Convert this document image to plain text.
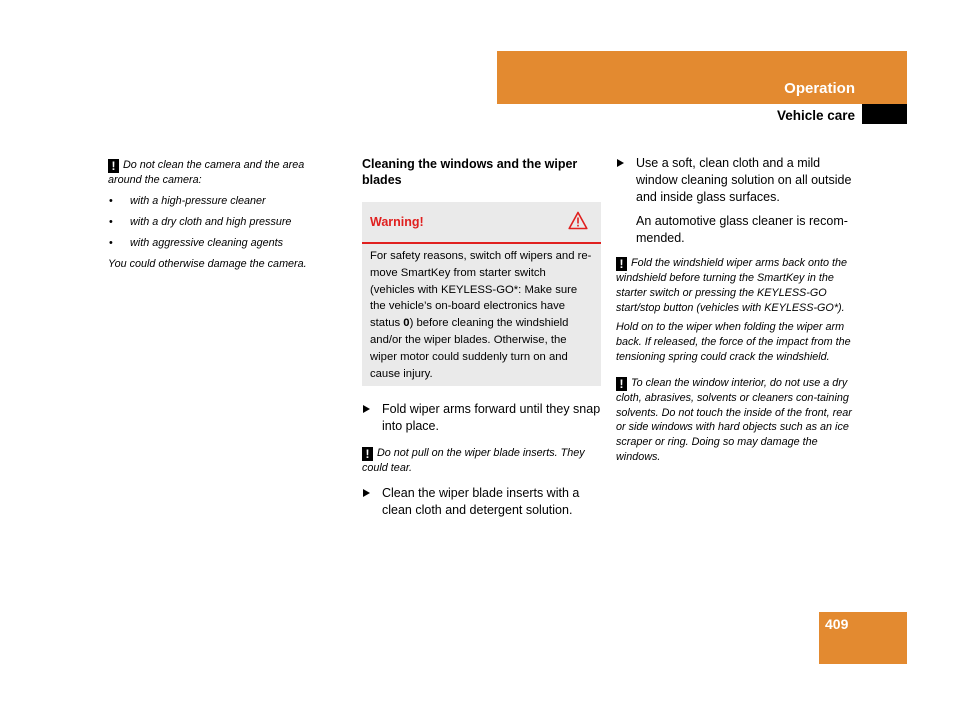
Operation
Vehicle care

! Do not clean the camera and the area around the camera:

• with a high-pressure cleaner
• with a dry cloth and high pressure
• with aggressive cleaning agents

You could otherwise damage the camera.

Cleaning the windows and the wiper blades

Warning!
For safety reasons, switch off wipers and re-move SmartKey from starter switch (vehicles with KEYLESS-GO*: Make sure the vehicle’s on-board electronics have status 0) before cleaning the windshield and/or the wiper blades. Otherwise, the wiper motor could suddenly turn on and cause injury.

Fold wiper arms forward until they snap into place.

! Do not pull on the wiper blade inserts. They could tear.

Clean the wiper blade inserts with a clean cloth and detergent solution.

Use a soft, clean cloth and a mild window cleaning solution on all outside and inside glass surfaces.

An automotive glass cleaner is recom-mended.

! Fold the windshield wiper arms back onto the windshield before turning the SmartKey in the starter switch or pressing the KEYLESS-GO start/stop button (vehicles with KEYLESS-GO*).

Hold on to the wiper when folding the wiper arm back. If released, the force of the impact from the tensioning spring could crack the windshield.

! To clean the window interior, do not use a dry cloth, abrasives, solvents or cleaners con-taining solvents. Do not touch the inside of the front, rear or side windows with hard objects such as an ice scraper or ring. Doing so may damage the windows.

409
